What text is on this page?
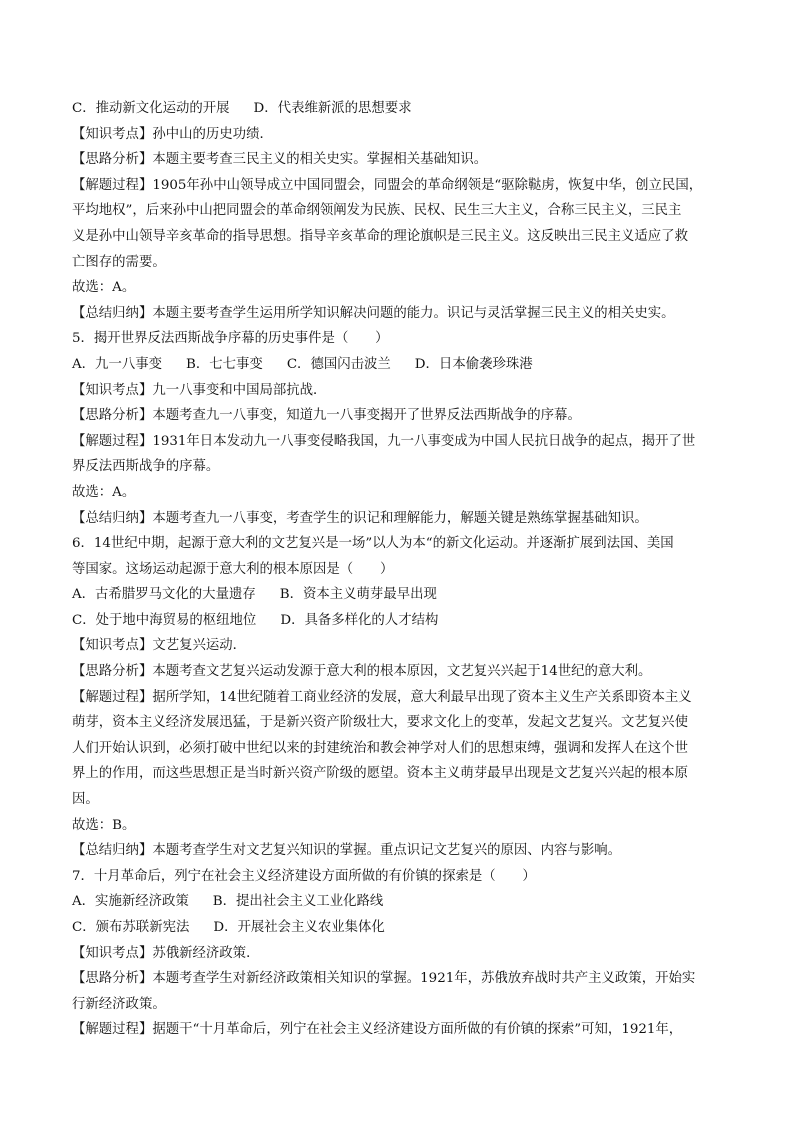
C．推动新文化运动的开展 D．代表维新派的思想要求
【知识考点】孙中山的历史功绩．
【思路分析】本题主要考查三民主义的相关史实。掌握相关基础知识。
【解题过程】1905年孙中山领导成立中国同盟会，同盟会的革命纲领是“驱除鞑虏，恢复中华，创立民国，
平均地权”，后来孙中山把同盟会的革命纲领阐发为民族、民权、民生三大主义，合称三民主义，三民主
义是孙中山领导辛亥革命的指导思想。指导辛亥革命的理论旗帜是三民主义。这反映出三民主义适应了救
亡图存的需要。
故选：A。
【总结归纳】本题主要考查学生运用所学知识解决问题的能力。识记与灵活掌握三民主义的相关史实。
5．揭开世界反法西斯战争序幕的历史事件是（　　）
A．九一八事变 B．七七事变 C．德国闪击波兰 D．日本偷袭珍珠港
【知识考点】九一八事变和中国局部抗战．
【思路分析】本题考查九一八事变，知道九一八事变揭开了世界反法西斯战争的序幕。
【解题过程】1931年日本发动九一八事变侵略我国，九一八事变成为中国人民抗日战争的起点，揭开了世
界反法西斯战争的序幕。
故选：A。
【总结归纳】本题考查九一八事变，考查学生的识记和理解能力，解题关键是熟练掌握基础知识。
6．14世纪中期，起源于意大利的文艺复兴是一场”以人为本“的新文化运动。并逐渐扩展到法国、美国
等国家。这场运动起源于意大利的根本原因是（　　）
A．古希腊罗马文化的大量遗存 B．资本主义萌芽最早出现
C．处于地中海贸易的枢纽地位 D．具备多样化的人才结构
【知识考点】文艺复兴运动．
【思路分析】本题考查文艺复兴运动发源于意大利的根本原因，文艺复兴兴起于14世纪的意大利。
【解题过程】据所学知，14世纪随着工商业经济的发展，意大利最早出现了资本主义生产关系即资本主义
萌芽，资本主义经济发展迅猛，于是新兴资产阶级壮大，要求文化上的变革，发起文艺复兴。文艺复兴使
人们开始认识到，必须打破中世纪以来的封建统治和教会神学对人们的思想束缚，强调和发挥人在这个世
界上的作用，而这些思想正是当时新兴资产阶级的愿望。资本主义萌芽最早出现是文艺复兴兴起的根本原
因。
故选：B。
【总结归纳】本题考查学生对文艺复兴知识的掌握。重点识记文艺复兴的原因、内容与影响。
7．十月革命后，列宁在社会主义经济建设方面所做的有价镇的探索是（　　）
A．实施新经济政策 B．提出社会主义工业化路线
C．颁布苏联新宪法 D．开展社会主义农业集体化
【知识考点】苏俄新经济政策．
【思路分析】本题考查学生对新经济政策相关知识的掌握。1921年，苏俄放弃战时共产主义政策，开始实
行新经济政策。
【解题过程】据题干“十月革命后，列宁在社会主义经济建设方面所做的有价镇的探索”可知，1921年，
